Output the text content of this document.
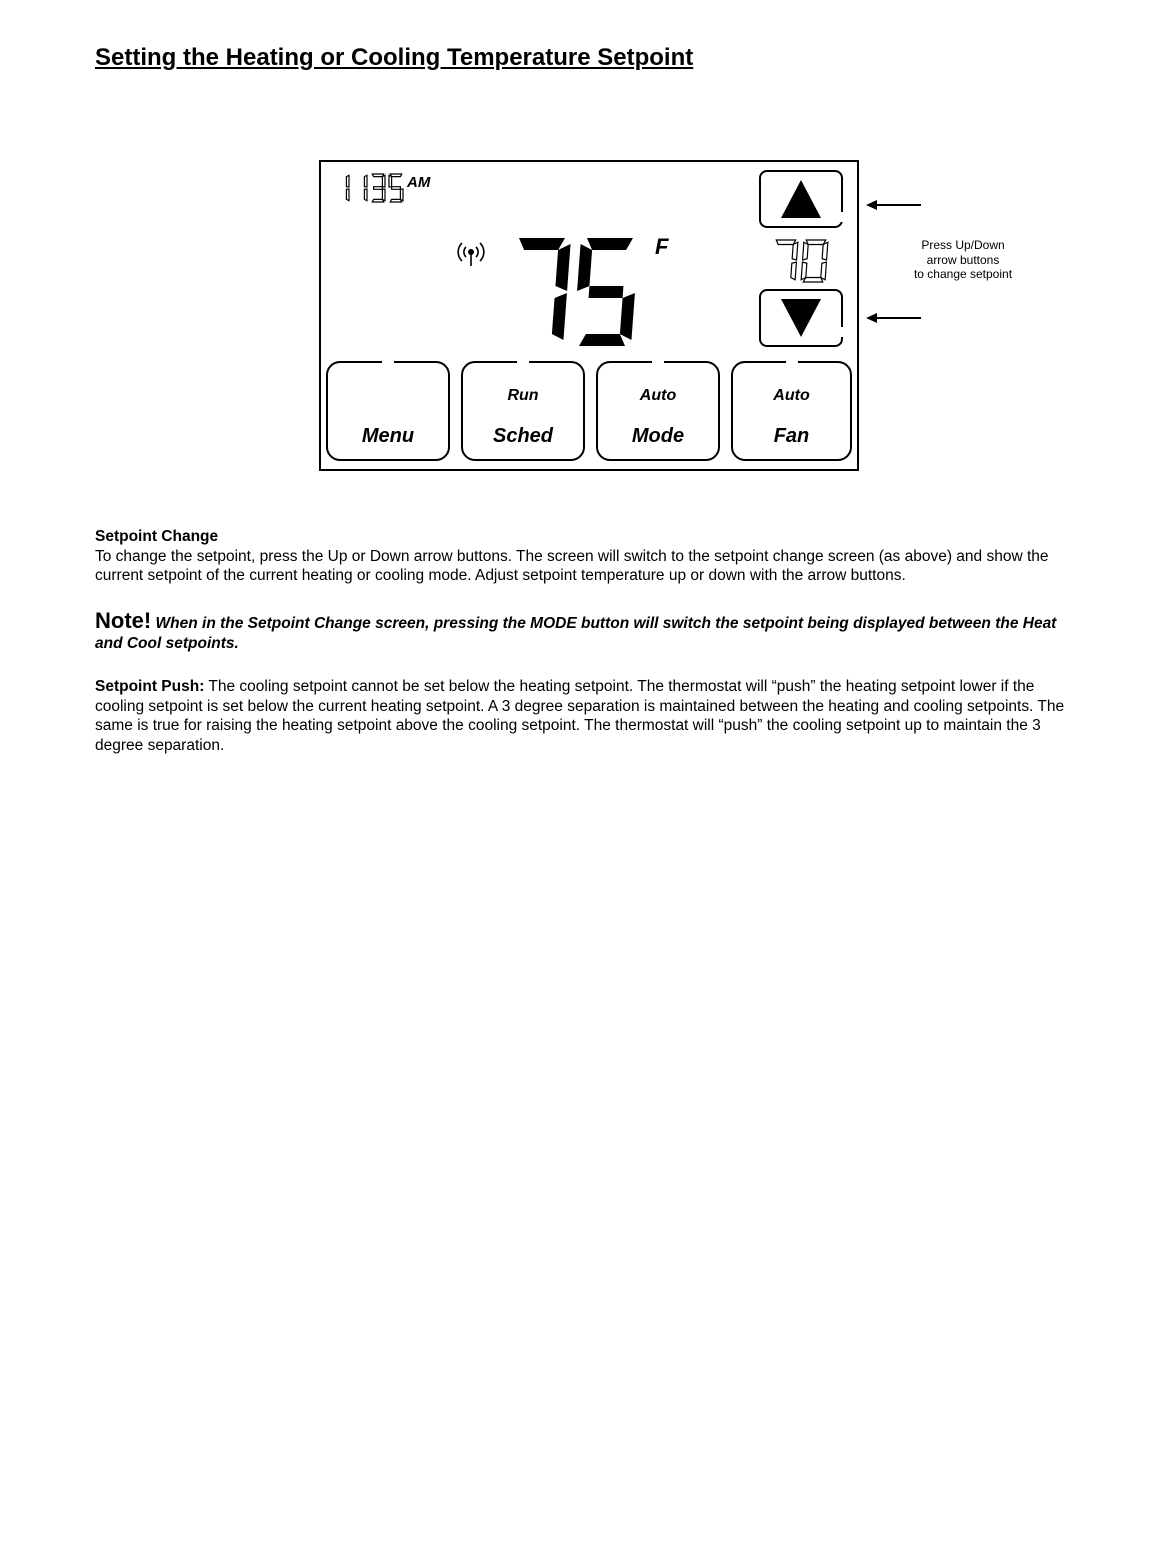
Setting the Heating or Cooling Temperature Setpoint
AM
F
Menu
Run
Sched
Auto
Mode
Auto
Fan
Press Up/Down
arrow buttons
to change setpoint

Setpoint Change
To change the setpoint, press the Up or Down arrow buttons. The screen will switch to the setpoint change screen (as above) and show the current setpoint of the current heating or cooling mode. Adjust setpoint temperature up or down with the arrow buttons.

Note! When in the Setpoint Change screen, pressing the MODE button will switch the setpoint being displayed between the Heat and Cool setpoints.

Setpoint Push: The cooling setpoint cannot be set below the heating setpoint. The thermostat will “push” the heating setpoint lower if the cooling setpoint is set below the current heating setpoint. A 3 degree separation is maintained between the heating and cooling setpoints. The same is true for raising the heating setpoint above the cooling setpoint. The thermostat will “push” the cooling setpoint up to maintain the 3 degree separation.
